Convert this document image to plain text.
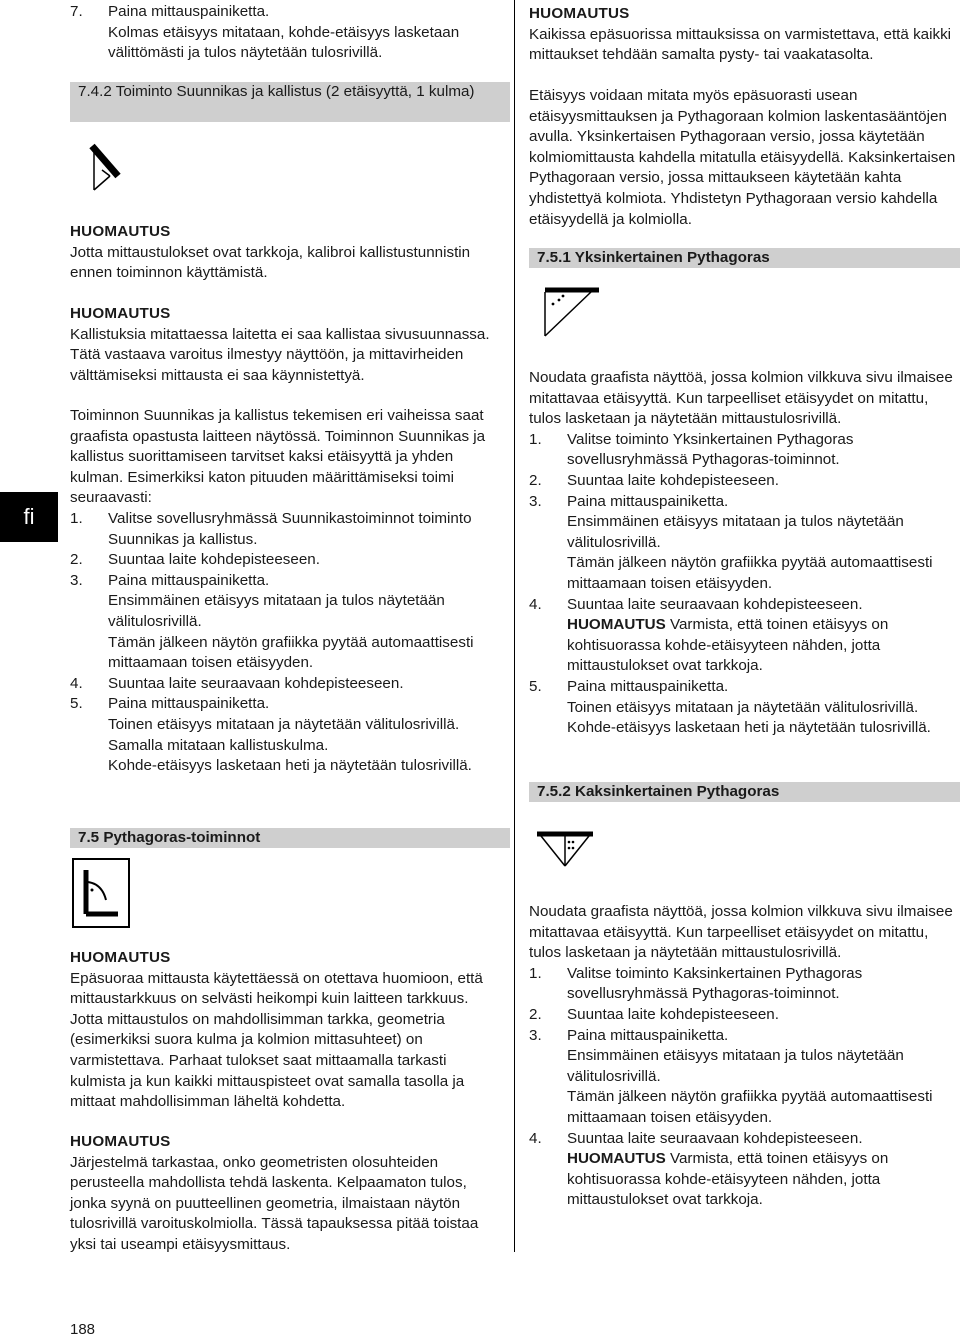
fi
188
7. Paina mittauspainiketta.
Kolmas etäisyys mitataan, kohde-etäisyys lasketaan välittömästi ja tulos näytetään tulosrivillä.
7.4.2 Toiminto Suunnikas ja kallistus (2 etäisyyttä, 1 kulma)

HUOMAUTUS

Jotta mittaustulokset ovat tarkkoja, kalibroi kallistustunnistin ennen toiminnon käyttämistä.

HUOMAUTUS

Kallistuksia mitattaessa laitetta ei saa kallistaa sivusuunnassa. Tätä vastaava varoitus ilmestyy näyttöön, ja mittavirheiden välttämiseksi mittausta ei saa käynnistettyä.

Toiminnon Suunnikas ja kallistus tekemisen eri vaiheissa saat graafista opastusta laitteen näytössä. Toiminnon Suunnikas ja kallistus suorittamiseen tarvitset kaksi etäisyyttä ja yhden kulman. Esimerkiksi katon pituuden määrittämiseksi toimi seuraavasti:

1. Valitse sovellusryhmässä Suunnikastoiminnot toiminto Suunnikas ja kallistus.
2. Suuntaa laite kohdepisteeseen.
3. Paina mittauspainiketta.

Ensimmäinen etäisyys mitataan ja tulos näytetään välitulosrivillä.

Tämän jälkeen näytön grafiikka pyytää automaattisesti mittaamaan toisen etäisyyden.

4. Suuntaa laite seuraavaan kohdepisteeseen.
5. Paina mittauspainiketta.

Toinen etäisyys mitataan ja näytetään välitulosrivillä. Samalla mitataan kallistuskulma.

Kohde-etäisyys lasketaan heti ja näytetään tulosrivillä.

7.5 Pythagoras-toiminnot

HUOMAUTUS

Epäsuoraa mittausta käytettäessä on otettava huomioon, että mittaustarkkuus on selvästi heikompi kuin laitteen tarkkuus. Jotta mittaustulos on mahdollisimman tarkka, geometria (esimerkiksi suora kulma ja kolmion mittasuhteet) on varmistettava. Parhaat tulokset saat mittaamalla tarkasti kulmista ja kun kaikki mittauspisteet ovat samalla tasolla ja mittaat mahdollisimman läheltä kohdetta.

HUOMAUTUS

Järjestelmä tarkastaa, onko geometristen olosuhteiden perusteella mahdollista tehdä laskenta. Kelpaamaton tulos, jonka syynä on puutteellinen geometria, ilmaistaan näytön tulosrivillä varoituskolmiolla. Tässä tapauksessa pitää toistaa yksi tai useampi etäisyysmittaus.

HUOMAUTUS

Kaikissa epäsuorissa mittauksissa on varmistettava, että kaikki mittaukset tehdään samalta pysty- tai vaakatasolta.

Etäisyys voidaan mitata myös epäsuorasti usean etäisyysmittauksen ja Pythagoraan kolmion laskentasääntöjen avulla. Yksinkertaisen Pythagoraan versio, jossa käytetään kolmiomittausta kahdella mitatulla etäisyydellä. Kaksinkertaisen Pythagoraan versio, jossa mittaukseen käytetään kahta yhdistettyä kolmiota. Yhdistetyn Pythagoraan versio kahdella etäisyydellä ja kolmiolla.

7.5.1 Yksinkertainen Pythagoras

Noudata graafista näyttöä, jossa kolmion vilkkuva sivu ilmaisee mitattavaa etäisyyttä. Kun tarpeelliset etäisyydet on mitattu, tulos lasketaan ja näytetään mittaustulosrivillä.

1. Valitse toiminto Yksinkertainen Pythagoras sovellusryhmässä Pythagoras-toiminnot.
2. Suuntaa laite kohdepisteeseen.
3. Paina mittauspainiketta.

Ensimmäinen etäisyys mitataan ja tulos näytetään välitulosrivillä.

Tämän jälkeen näytön grafiikka pyytää automaattisesti mittaamaan toisen etäisyyden.

4. Suuntaa laite seuraavaan kohdepisteeseen.

HUOMAUTUS Varmista, että toinen etäisyys on kohtisuorassa kohde-etäisyyteen nähden, jotta mittaustulokset ovat tarkkoja.

5. Paina mittauspainiketta.

Toinen etäisyys mitataan ja näytetään välitulosrivillä. Kohde-etäisyys lasketaan heti ja näytetään tulosrivillä.

7.5.2 Kaksinkertainen Pythagoras

Noudata graafista näyttöä, jossa kolmion vilkkuva sivu ilmaisee mitattavaa etäisyyttä. Kun tarpeelliset etäisyydet on mitattu, tulos lasketaan ja näytetään mittaustulosrivillä.

1. Valitse toiminto Kaksinkertainen Pythagoras sovellusryhmässä Pythagoras-toiminnot.
2. Suuntaa laite kohdepisteeseen.
3. Paina mittauspainiketta.

Ensimmäinen etäisyys mitataan ja tulos näytetään välitulosrivillä.

Tämän jälkeen näytön grafiikka pyytää automaattisesti mittaamaan toisen etäisyyden.

4. Suuntaa laite seuraavaan kohdepisteeseen.

HUOMAUTUS Varmista, että toinen etäisyys on kohtisuorassa kohde-etäisyyteen nähden, jotta mittaustulokset ovat tarkkoja.
